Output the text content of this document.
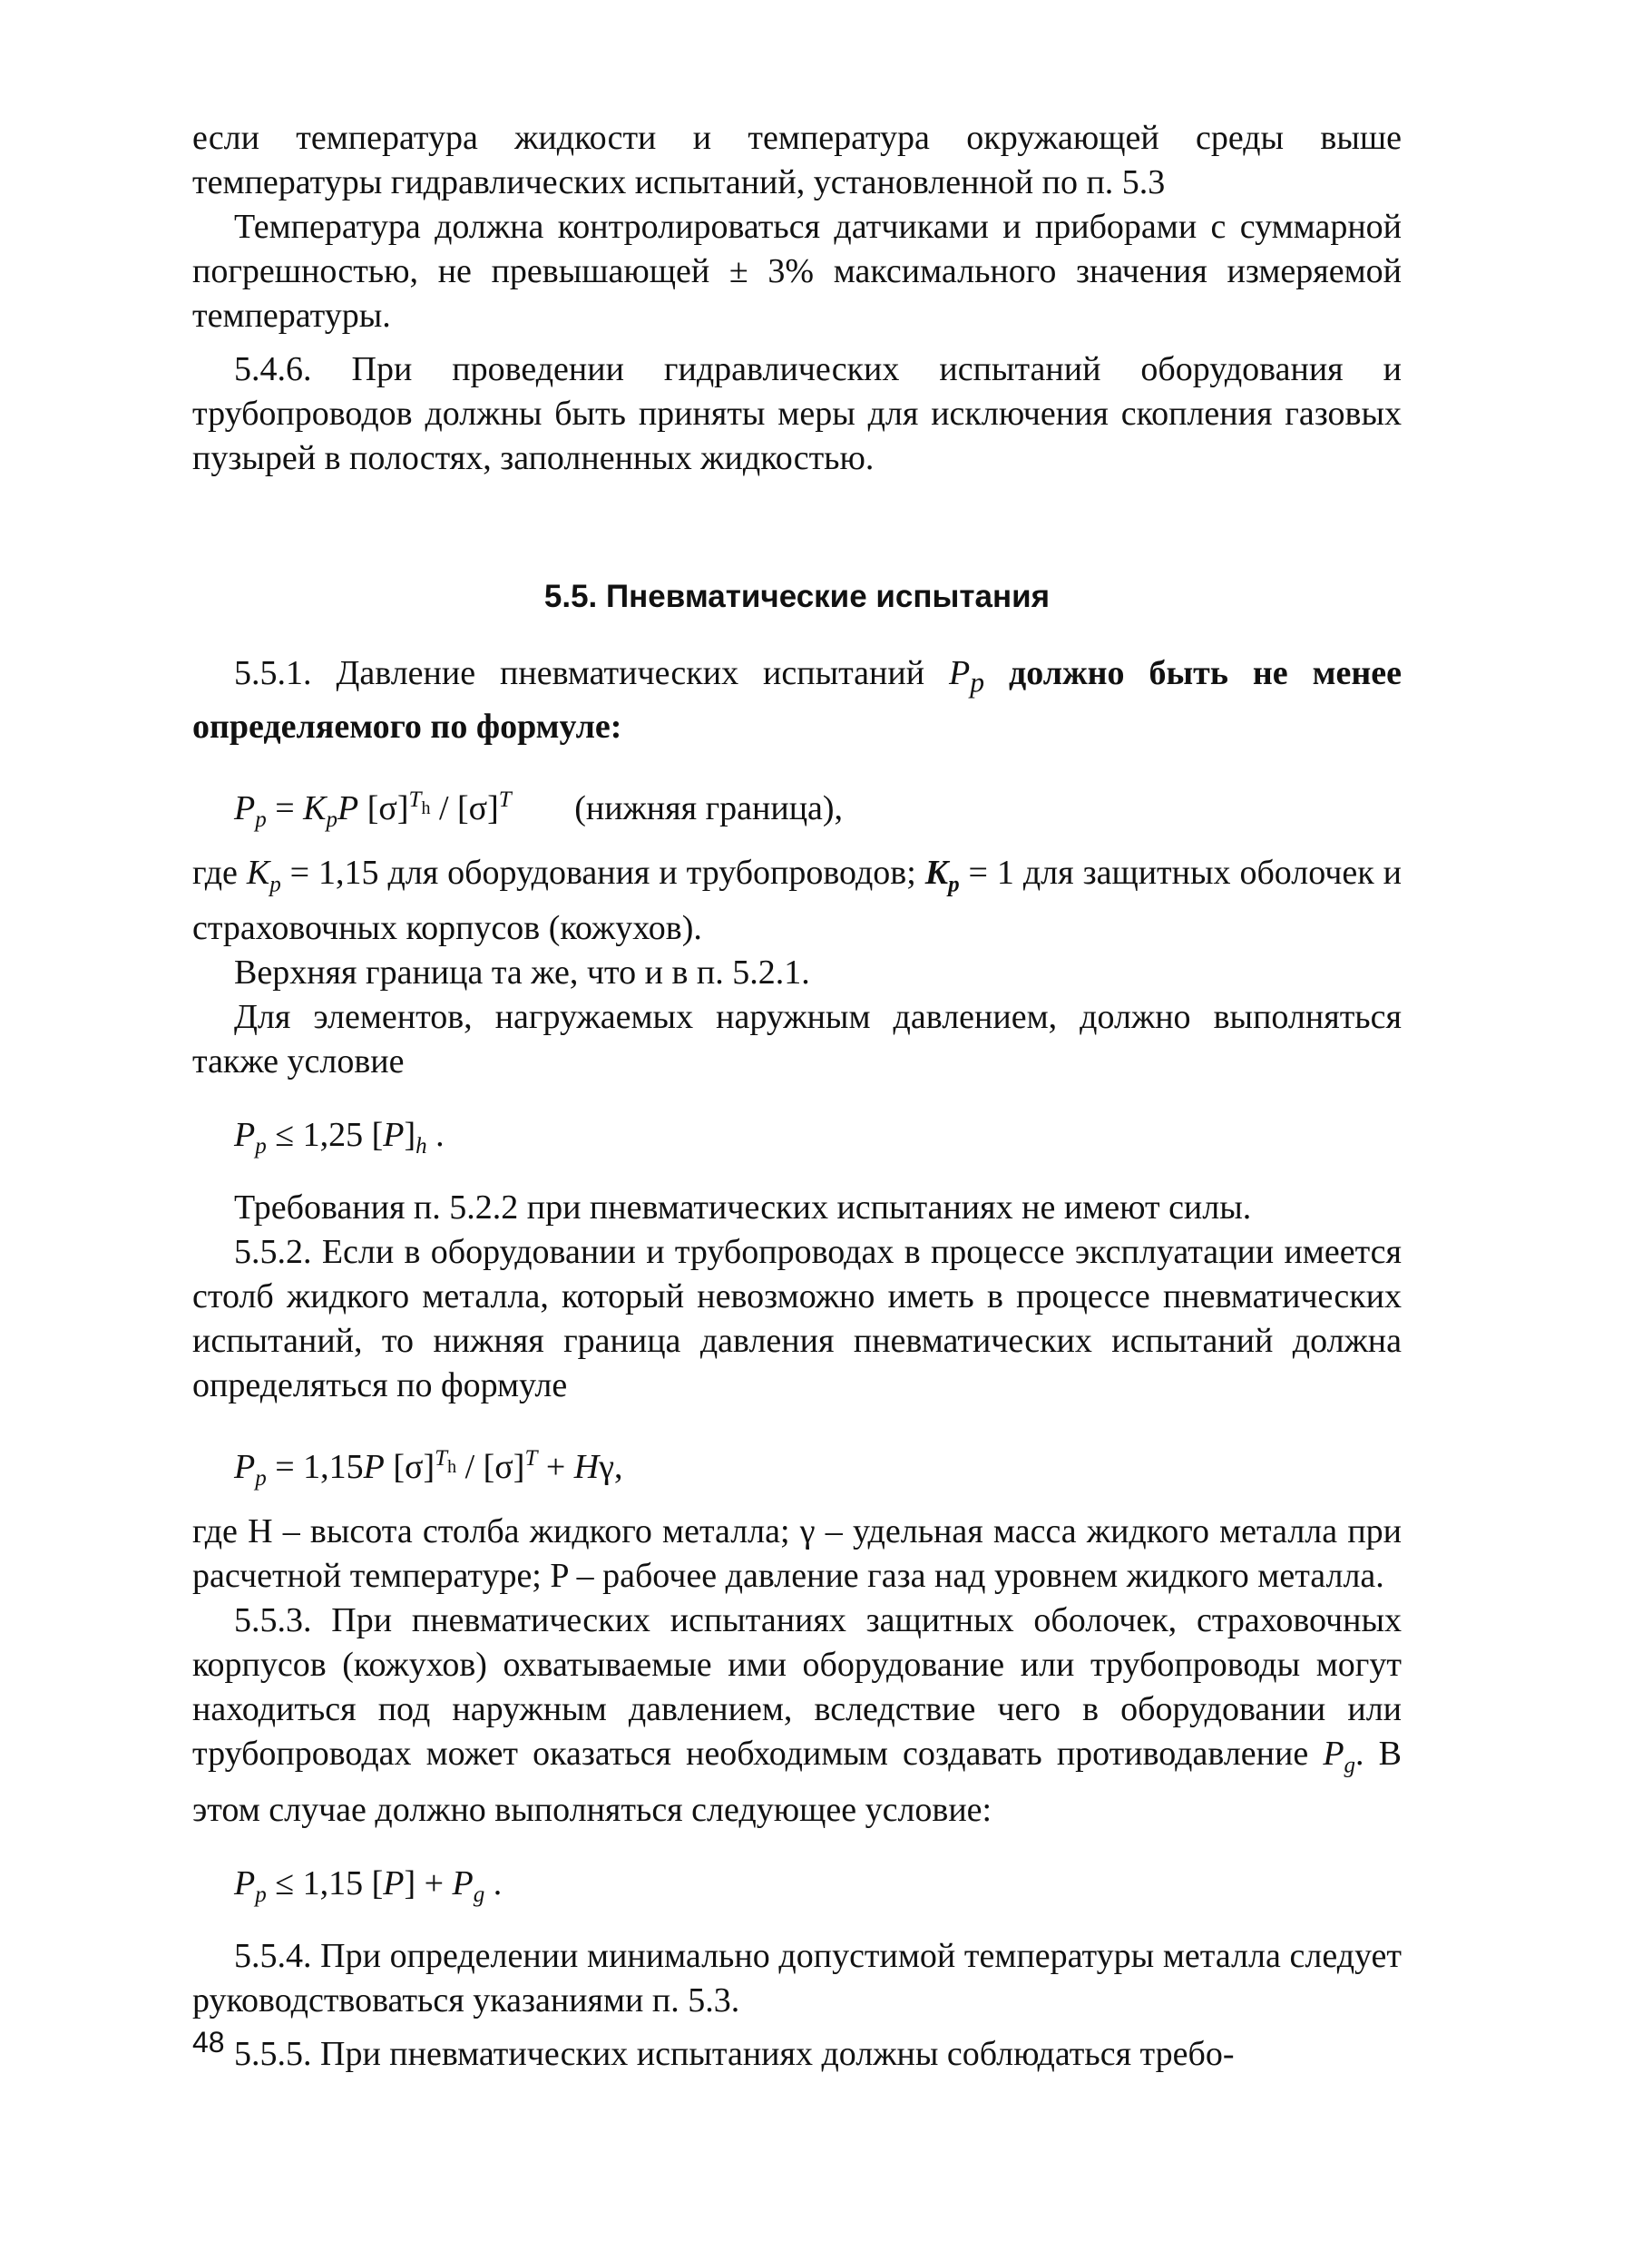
если температура жидкости и температура окружающей среды выше температуры гидравлических испытаний, установленной по п. 5.3

Температура должна контролироваться датчиками и приборами с суммарной погрешностью, не превышающей ± 3% максимального значения измеряемой температуры.

5.4.6. При проведении гидравлических испытаний оборудования и трубопроводов должны быть приняты меры для исключения скопления газовых пузырей в полостях, заполненных жидкостью.

5.5. Пневматические испытания

5.5.1. Давление пневматических испытаний $P_p$ должно быть не менее определяемого по формуле:

$P_p = K_pP$ $[\sigma]^{T_h} / [\sigma]^T$ (нижняя граница),

где $K_p = 1,15$ для оборудования и трубопроводов; $K_p = 1$ для защитных оболочек и страховочных корпусов (кожухов).

Верхняя граница та же, что и в п. 5.2.1.

Для элементов, нагружаемых наружным давлением, должно выполняться также условие

$P_p \le 1,25$ $[P]_h$ .

Требования п. 5.2.2 при пневматических испытаниях не имеют силы.

5.5.2. Если в оборудовании и трубопроводах в процессе эксплуатации имеется столб жидкого металла, который невозможно иметь в процессе пневматических испытаний, то нижняя граница давления пневматических испытаний должна определяться по формуле

$P_p = 1,15P$ $[\sigma]^{T_h} / [\sigma]^T + H\gamma$,

где H – высота столба жидкого металла; γ – удельная масса жидкого металла при расчетной температуре; P – рабочее давление газа над уровнем жидкого металла.

5.5.3. При пневматических испытаниях защитных оболочек, страховочных корпусов (кожухов) охватываемые ими оборудование или трубопроводы могут находиться под наружным давлением, вследствие чего в оборудовании или трубопроводах может оказаться необходимым создавать противодавление $P_g$. В этом случае должно выполняться следующее условие:

$P_p \le 1,15$ $[P] + P_g$ .

5.5.4. При определении минимально допустимой температуры металла следует руководствоваться указаниями п. 5.3.

5.5.5. При пневматических испытаниях должны соблюдаться требо-

48
